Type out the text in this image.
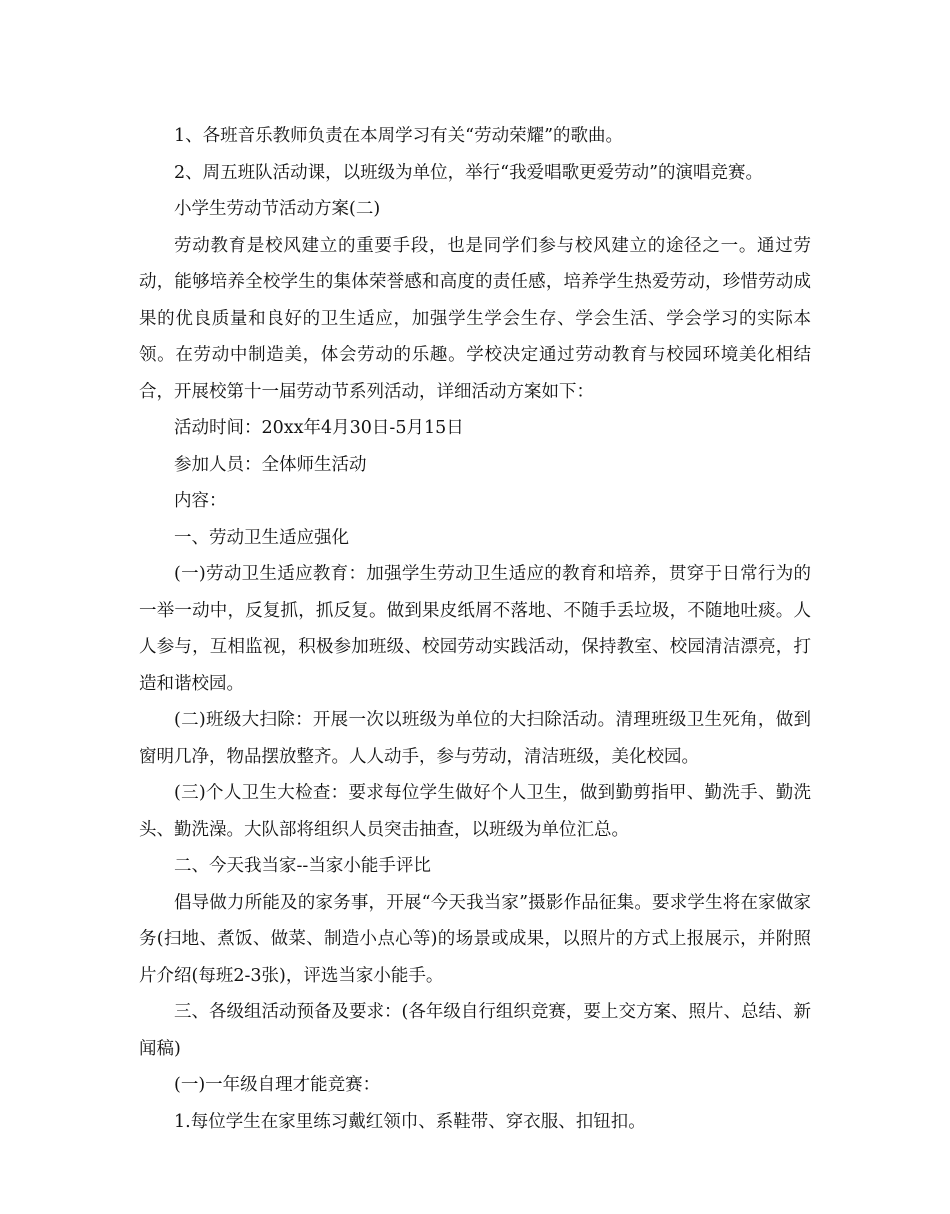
1、各班音乐教师负责在本周学习有关“劳动荣耀”的歌曲。

2、周五班队活动课，以班级为单位，举行“我爱唱歌更爱劳动”的演唱竞赛。

小学生劳动节活动方案(二)

劳动教育是校风建立的重要手段，也是同学们参与校风建立的途径之一。通过劳动，能够培养全校学生的集体荣誉感和高度的责任感，培养学生热爱劳动，珍惜劳动成果的优良质量和良好的卫生适应，加强学生学会生存、学会生活、学会学习的实际本领。在劳动中制造美，体会劳动的乐趣。学校决定通过劳动教育与校园环境美化相结合，开展校第十一届劳动节系列活动，详细活动方案如下：

活动时间：20xx年4月30日-5月15日

参加人员：全体师生活动

内容：

一、劳动卫生适应强化

(一)劳动卫生适应教育：加强学生劳动卫生适应的教育和培养，贯穿于日常行为的一举一动中，反复抓，抓反复。做到果皮纸屑不落地、不随手丢垃圾，不随地吐痰。人人参与，互相监视，积极参加班级、校园劳动实践活动，保持教室、校园清洁漂亮，打造和谐校园。

(二)班级大扫除：开展一次以班级为单位的大扫除活动。清理班级卫生死角，做到窗明几净，物品摆放整齐。人人动手，参与劳动，清洁班级，美化校园。

(三)个人卫生大检查：要求每位学生做好个人卫生，做到勤剪指甲、勤洗手、勤洗头、勤洗澡。大队部将组织人员突击抽查，以班级为单位汇总。

二、今天我当家--当家小能手评比

倡导做力所能及的家务事，开展“今天我当家”摄影作品征集。要求学生将在家做家务(扫地、煮饭、做菜、制造小点心等)的场景或成果，以照片的方式上报展示，并附照片介绍(每班2-3张)，评选当家小能手。

三、各级组活动预备及要求：(各年级自行组织竞赛，要上交方案、照片、总结、新闻稿)

(一)一年级自理才能竞赛：

1.每位学生在家里练习戴红领巾、系鞋带、穿衣服、扣钮扣。
